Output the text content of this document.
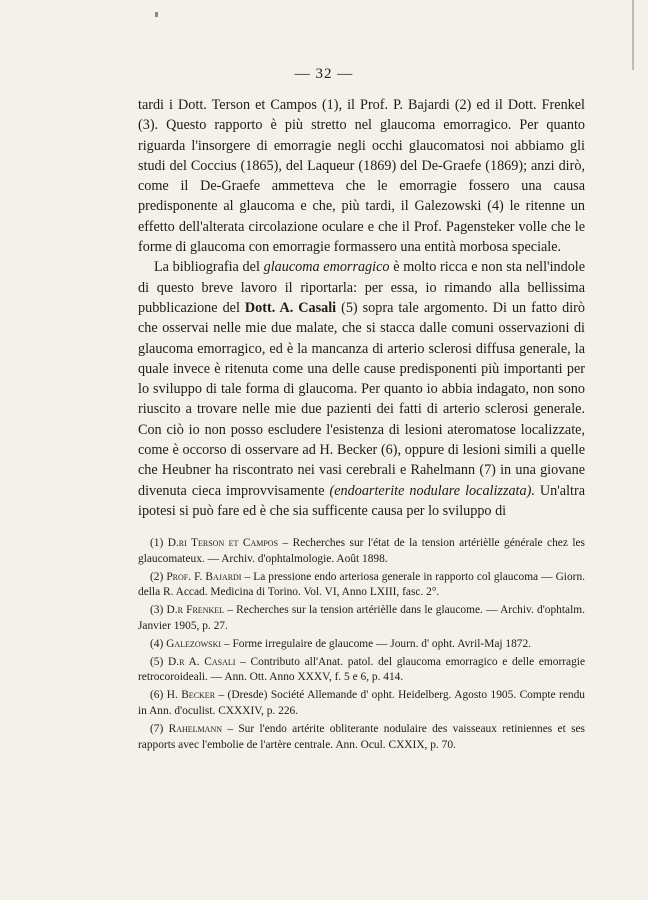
— 32 —

tardi i Dott. Terson et Campos (1), il Prof. P. Bajardi (2) ed il Dott. Frenkel (3). Questo rapporto è più stretto nel glaucoma emorragico. Per quanto riguarda l'insorgere di emorragie negli occhi glaucomatosi noi abbiamo gli studi del Coccius (1865), del Laqueur (1869) del De-Graefe (1869); anzi dirò, come il De-Graefe ammetteva che le emorragie fossero una causa predisponente al glaucoma e che, più tardi, il Galezowski (4) le ritenne un effetto dell'alterata circolazione oculare e che il Prof. Pagensteker volle che le forme di glaucoma con emorragie formassero una entità morbosa speciale.

La bibliografia del glaucoma emorragico è molto ricca e non sta nell'indole di questo breve lavoro il riportarla: per essa, io rimando alla bellissima pubblicazione del Dott. A. Casali (5) sopra tale argomento. Di un fatto dirò che osservai nelle mie due malate, che si stacca dalle comuni osservazioni di glaucoma emorragico, ed è la mancanza di arterio sclerosi diffusa generale, la quale invece è ritenuta come una delle cause predisponenti più importanti per lo sviluppo di tale forma di glaucoma. Per quanto io abbia indagato, non sono riuscito a trovare nelle mie due pazienti dei fatti di arterio sclerosi generale. Con ciò io non posso escludere l'esistenza di lesioni ateromatose localizzate, come è occorso di osservare ad H. Becker (6), oppure di lesioni simili a quelle che Heubner ha riscontrato nei vasi cerebrali e Rahelmann (7) in una giovane divenuta cieca improvvisamente (endoarterite nodulare localizzata). Un'altra ipotesi si può fare ed è che sia sufficente causa per lo sviluppo di

(1) D.ri Terson et Campos – Recherches sur l'état de la tension artérièlle générale chez les glaucomateux. — Archiv. d'ophtalmologie. Août 1898.

(2) Prof. F. Bajardi – La pressione endo arteriosa generale in rapporto col glaucoma — Giorn. della R. Accad. Medicina di Torino. Vol. VI, Anno LXIII, fasc. 2°.

(3) D.r Frenkel – Recherches sur la tension artérièlle dans le glaucome. — Archiv. d'ophtalm. Janvier 1905, p. 27.

(4) Galezowski – Forme irregulaire de glaucome — Journ. d' opht. Avril-Maj 1872.

(5) D.r A. Casali – Contributo all'Anat. patol. del glaucoma emorragico e delle emorragie retrocoroideali. — Ann. Ott. Anno XXXV, f. 5 e 6, p. 414.

(6) H. Becker – (Dresde) Société Allemande d' opht. Heidelberg. Agosto 1905. Compte rendu in Ann. d'oculist. CXXXIV, p. 226.

(7) Rahelmann – Sur l'endo artérite obliterante nodulaire des vaisseaux retiniennes et ses rapports avec l'embolie de l'artère centrale. Ann. Ocul. CXXIX, p. 70.
